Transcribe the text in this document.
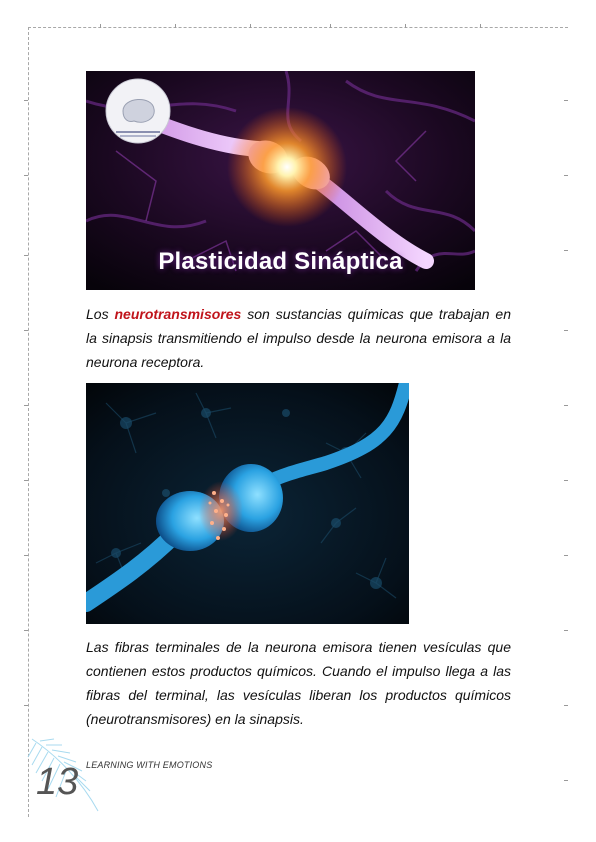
Plasticidad Sináptica

Los neurotransmisores son sustancias químicas que trabajan en la sinapsis transmitiendo el impulso desde la neurona emisora a la neurona receptora.

Las fibras terminales de la neurona emisora tienen vesículas que contienen estos productos químicos. Cuando el impulso llega a las fibras del terminal, las vesículas liberan los productos químicos (neurotransmisores) en la sinapsis.

13 LEARNING WITH EMOTIONS
